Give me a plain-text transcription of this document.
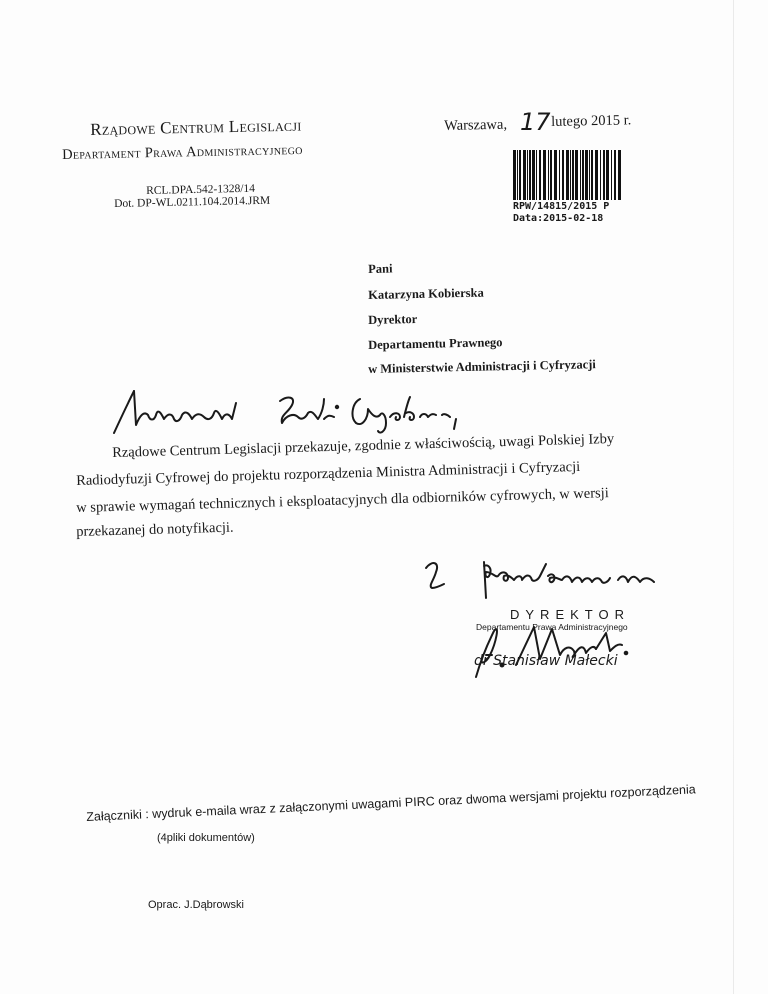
Rządowe Centrum Legislacji
Departament Prawa Administracyjnego
RCL.DPA.542-1328/14
Dot. DP-WL.0211.104.2014.JRM
Warszawa, 17 lutego 2015 r.
RPW/14815/2015 P
Data:2015-02-18
Pani
Katarzyna Kobierska
Dyrektor
Departamentu Prawnego
w Ministerstwie Administracji i Cyfryzacji
Rządowe Centrum Legislacji przekazuje, zgodnie z właściwością, uwagi Polskiej Izby
Radiodyfuzji Cyfrowej do projektu rozporządzenia Ministra Administracji i Cyfryzacji
w sprawie wymagań technicznych i eksploatacyjnych dla odbiorników cyfrowych, w wersji
przekazanej do notyfikacji.
DYREKTOR
Departamentu Prawa Administracyjnego
dr Stanisław Małecki
Załączniki : wydruk e-maila wraz z załączonymi uwagami PIRC oraz dwoma wersjami projektu rozporządzenia
(4pliki dokumentów)
Oprac. J.Dąbrowski
